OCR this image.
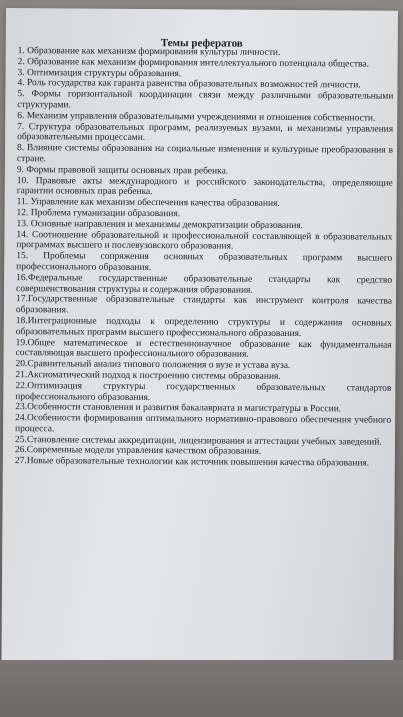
Темы рефератов
1. Образование как механизм формирования культуры личности.
2. Образование как механизм формирования интеллектуального потенциала общества.
3. Оптимизация структуры образования.
4. Роль государства как гаранта равенства образовательных возможностей личности.
5. Формы горизонтальной координации связи между различными образовательными структурами.
6. Механизм управления образовательными учреждениями и отношения собственности.
7. Структура образовательных программ, реализуемых вузами, и механизмы управления образовательными процессами.
8. Влияние системы образования на социальные изменения и культурные преобразования в стране.
9. Формы правовой защиты основных прав ребенка.
10. Правовые акты международного и российского законодательства, определяющие гарантии основных прав ребенка.
11. Управление как механизм обеспечения качества образования.
12. Проблема гуманизации образования.
13. Основные направления и механизмы демократизации образования.
14. Соотношение образовательной и профессиональной составляющей в образовательных программах высшего и послевузовского образования.
15. Проблемы сопряжения основных образовательных программ высшего профессионального образования.
16.Федеральные государственные образовательные стандарты как средство совершенствования структуры и содержания образования.
17.Государственные образовательные стандарты как инструмент контроля качества образования.
18.Интеграционные подходы к определению структуры и содержания основных образовательных программ высшего профессионального образования.
19.Общее математическое и естественнонаучное образование как фундаментальная составляющая высшего профессионального образования.
20.Сравнительный анализ типового положения о вузе и устава вуза.
21.Аксиоматический подход к построению системы образования.
22.Оптимизация структуры государственных образовательных стандартов профессионального образования.
23.Особенности становления и развития бакалавриата и магистратуры в России.
24.Особенности формирования оптимального нормативно-правового обеспечения учебного процесса.
25.Становление системы аккредитации, лицензирования и аттестации учебных заведений.
26.Современные модели управления качеством образования.
27.Новые образовательные технологии как источник повышения качества образования.
